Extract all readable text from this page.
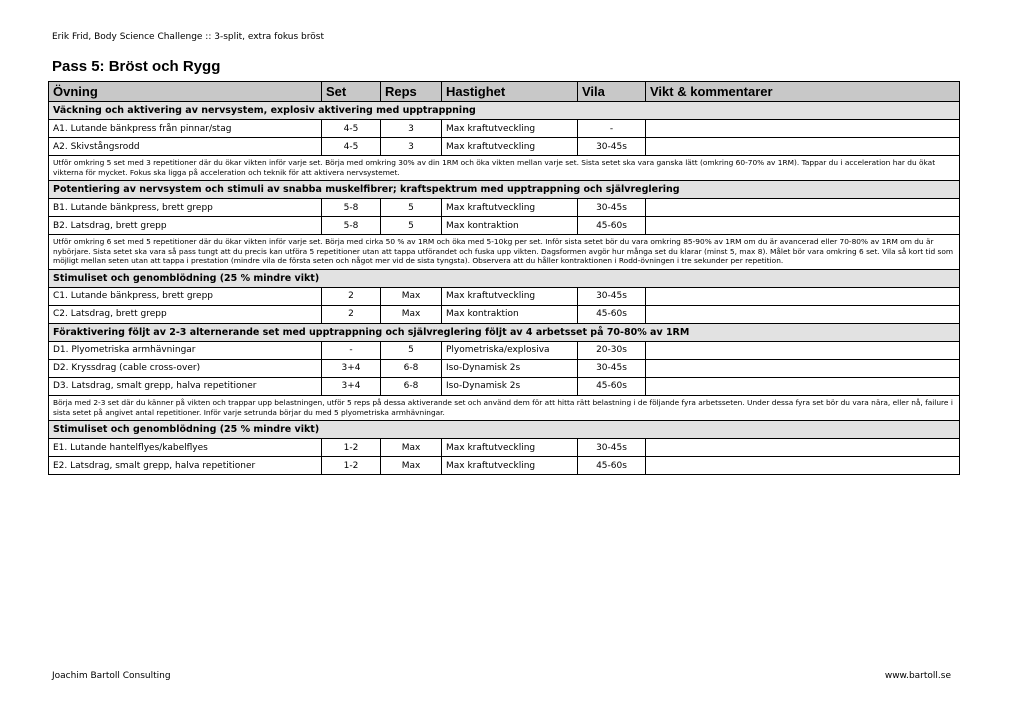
Erik Frid, Body Science Challenge :: 3-split, extra fokus bröst
Pass 5: Bröst och Rygg
Övning	Set	Reps	Hastighet	Vila	Vikt & kommentarer
Väckning och aktivering av nervsystem, explosiv aktivering med upptrappning					
A1. Lutande bänkpress från pinnar/stag	4-5	3	Max kraftutveckling	-	
A2. Skivstångsrodd	4-5	3	Max kraftutveckling	30-45s	
Utför omkring 5 set med 3 repetitioner där du ökar vikten inför varje set. Börja med omkring 30% av din 1RM och öka vikten mellan varje set. Sista setet ska vara ganska lätt (omkring 60-70% av 1RM). Tappar du i acceleration har du ökat vikterna för mycket. Fokus ska ligga på acceleration och teknik för att aktivera nervsystemet.					
Potentiering av nervsystem och stimuli av snabba muskelfibrer; kraftspektrum med upptrappning och självreglering					
B1. Lutande bänkpress, brett grepp	5-8	5	Max kraftutveckling	30-45s	
B2. Latsdrag, brett grepp	5-8	5	Max kontraktion	45-60s	
Utför omkring 6 set med 5 repetitioner där du ökar vikten inför varje set. Börja med cirka 50 % av 1RM och öka med 5-10kg per set. Inför sista setet bör du vara omkring 85-90% av 1RM om du är avancerad eller 70-80% av 1RM om du är nybörjare. Sista setet ska vara så pass tungt att du precis kan utföra 5 repetitioner utan att tappa utförandet och fuska upp vikten. Dagsformen avgör hur många set du klarar (minst 5, max 8). Målet bör vara omkring 6 set. Vila så kort tid som möjligt mellan seten utan att tappa i prestation (mindre vila de första seten och något mer vid de sista tyngsta). Observera att du håller kontraktionen i Rodd-övningen i tre sekunder per repetition.					
Stimuliset och genomblödning (25 % mindre vikt)					
C1. Lutande bänkpress, brett grepp	2	Max	Max kraftutveckling	30-45s	
C2. Latsdrag, brett grepp	2	Max	Max kontraktion	45-60s	
Föraktivering följt av 2-3 alternerande set med upptrappning och självreglering följt av 4 arbetsset på 70-80% av 1RM					
D1. Plyometriska armhävningar	-	5	Plyometriska/explosiva	20-30s	
D2. Kryssdrag (cable cross-over)	3+4	6-8	Iso-Dynamisk 2s	30-45s	
D3. Latsdrag, smalt grepp, halva repetitioner	3+4	6-8	Iso-Dynamisk 2s	45-60s	
Börja med 2-3 set där du känner på vikten och trappar upp belastningen, utför 5 reps på dessa aktiverande set och använd dem för att hitta rätt belastning i de följande fyra arbetsseten. Under dessa fyra set bör du vara nära, eller nå, failure i sista setet på angivet antal repetitioner. Inför varje setrunda börjar du med 5 plyometriska armhävningar.					
Stimuliset och genomblödning (25 % mindre vikt)					
E1. Lutande hantelflyes/kabelflyes	1-2	Max	Max kraftutveckling	30-45s	
E2. Latsdrag, smalt grepp, halva repetitioner	1-2	Max	Max kraftutveckling	45-60s	
Joachim Bartoll Consulting	www.bartoll.se
